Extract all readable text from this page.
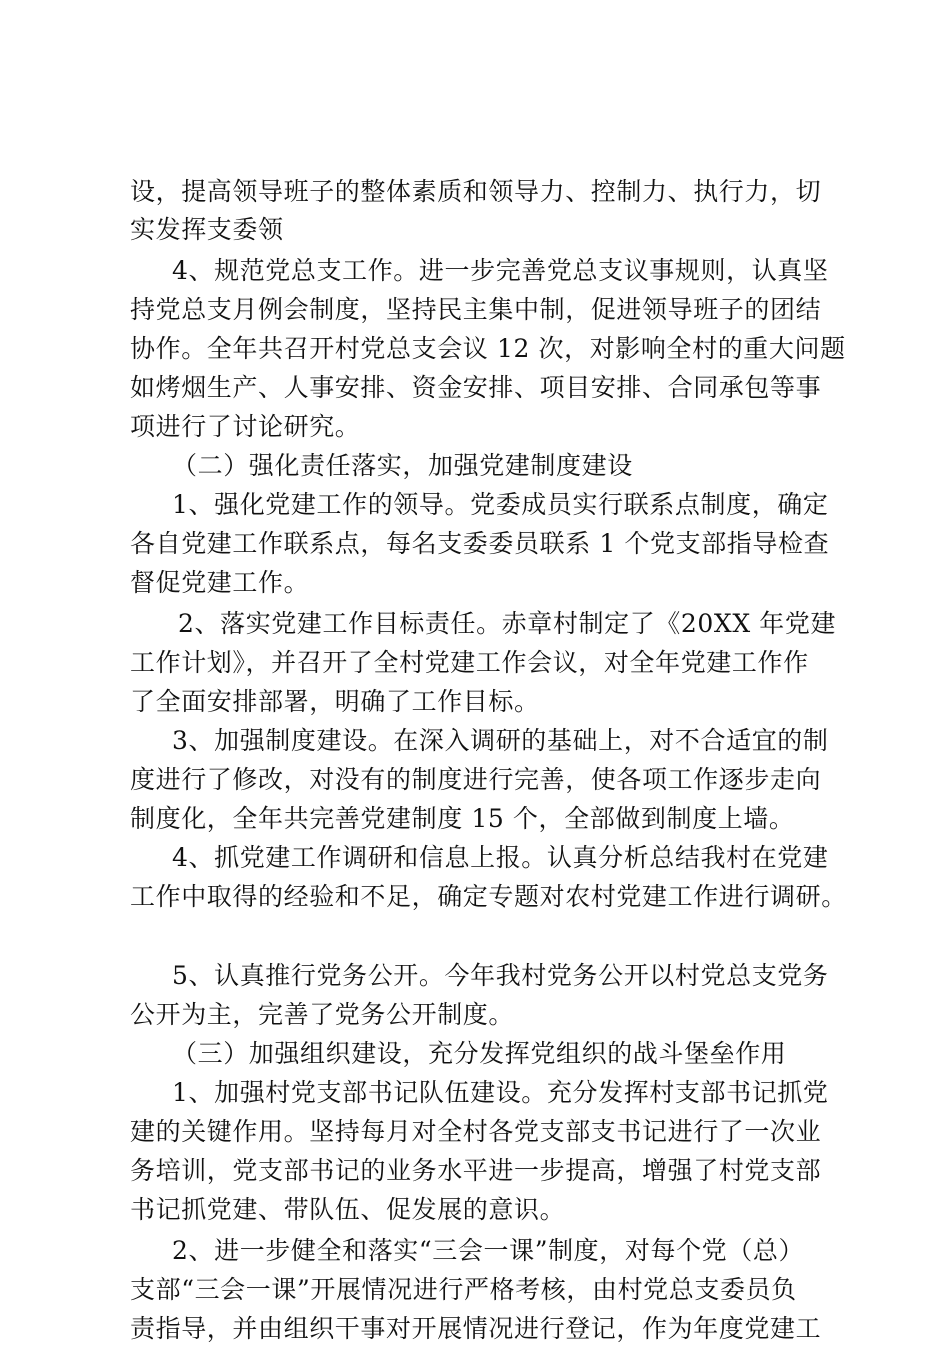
设，提高领导班子的整体素质和领导力、控制力、执行力，切
实发挥支委领
4、规范党总支工作。进一步完善党总支议事规则，认真坚
持党总支月例会制度，坚持民主集中制，促进领导班子的团结
协作。全年共召开村党总支会议 12 次，对影响全村的重大问题
如烤烟生产、人事安排、资金安排、项目安排、合同承包等事
项进行了讨论研究。
（二）强化责任落实，加强党建制度建设
1、强化党建工作的领导。党委成员实行联系点制度，确定
各自党建工作联系点，每名支委委员联系 1 个党支部指导检查
督促党建工作。
2、落实党建工作目标责任。赤章村制定了《20XX 年党建
工作计划》，并召开了全村党建工作会议，对全年党建工作作
了全面安排部署，明确了工作目标。
3、加强制度建设。在深入调研的基础上，对不合适宜的制
度进行了修改，对没有的制度进行完善，使各项工作逐步走向
制度化，全年共完善党建制度 15 个，全部做到制度上墙。
4、抓党建工作调研和信息上报。认真分析总结我村在党建
工作中取得的经验和不足，确定专题对农村党建工作进行调研。
5、认真推行党务公开。今年我村党务公开以村党总支党务
公开为主，完善了党务公开制度。
（三）加强组织建设，充分发挥党组织的战斗堡垒作用
1、加强村党支部书记队伍建设。充分发挥村支部书记抓党
建的关键作用。坚持每月对全村各党支部支书记进行了一次业
务培训，党支部书记的业务水平进一步提高，增强了村党支部
书记抓党建、带队伍、促发展的意识。
2、进一步健全和落实“三会一课”制度，对每个党（总）
支部“三会一课”开展情况进行严格考核，由村党总支委员负
责指导，并由组织干事对开展情况进行登记，作为年度党建工
